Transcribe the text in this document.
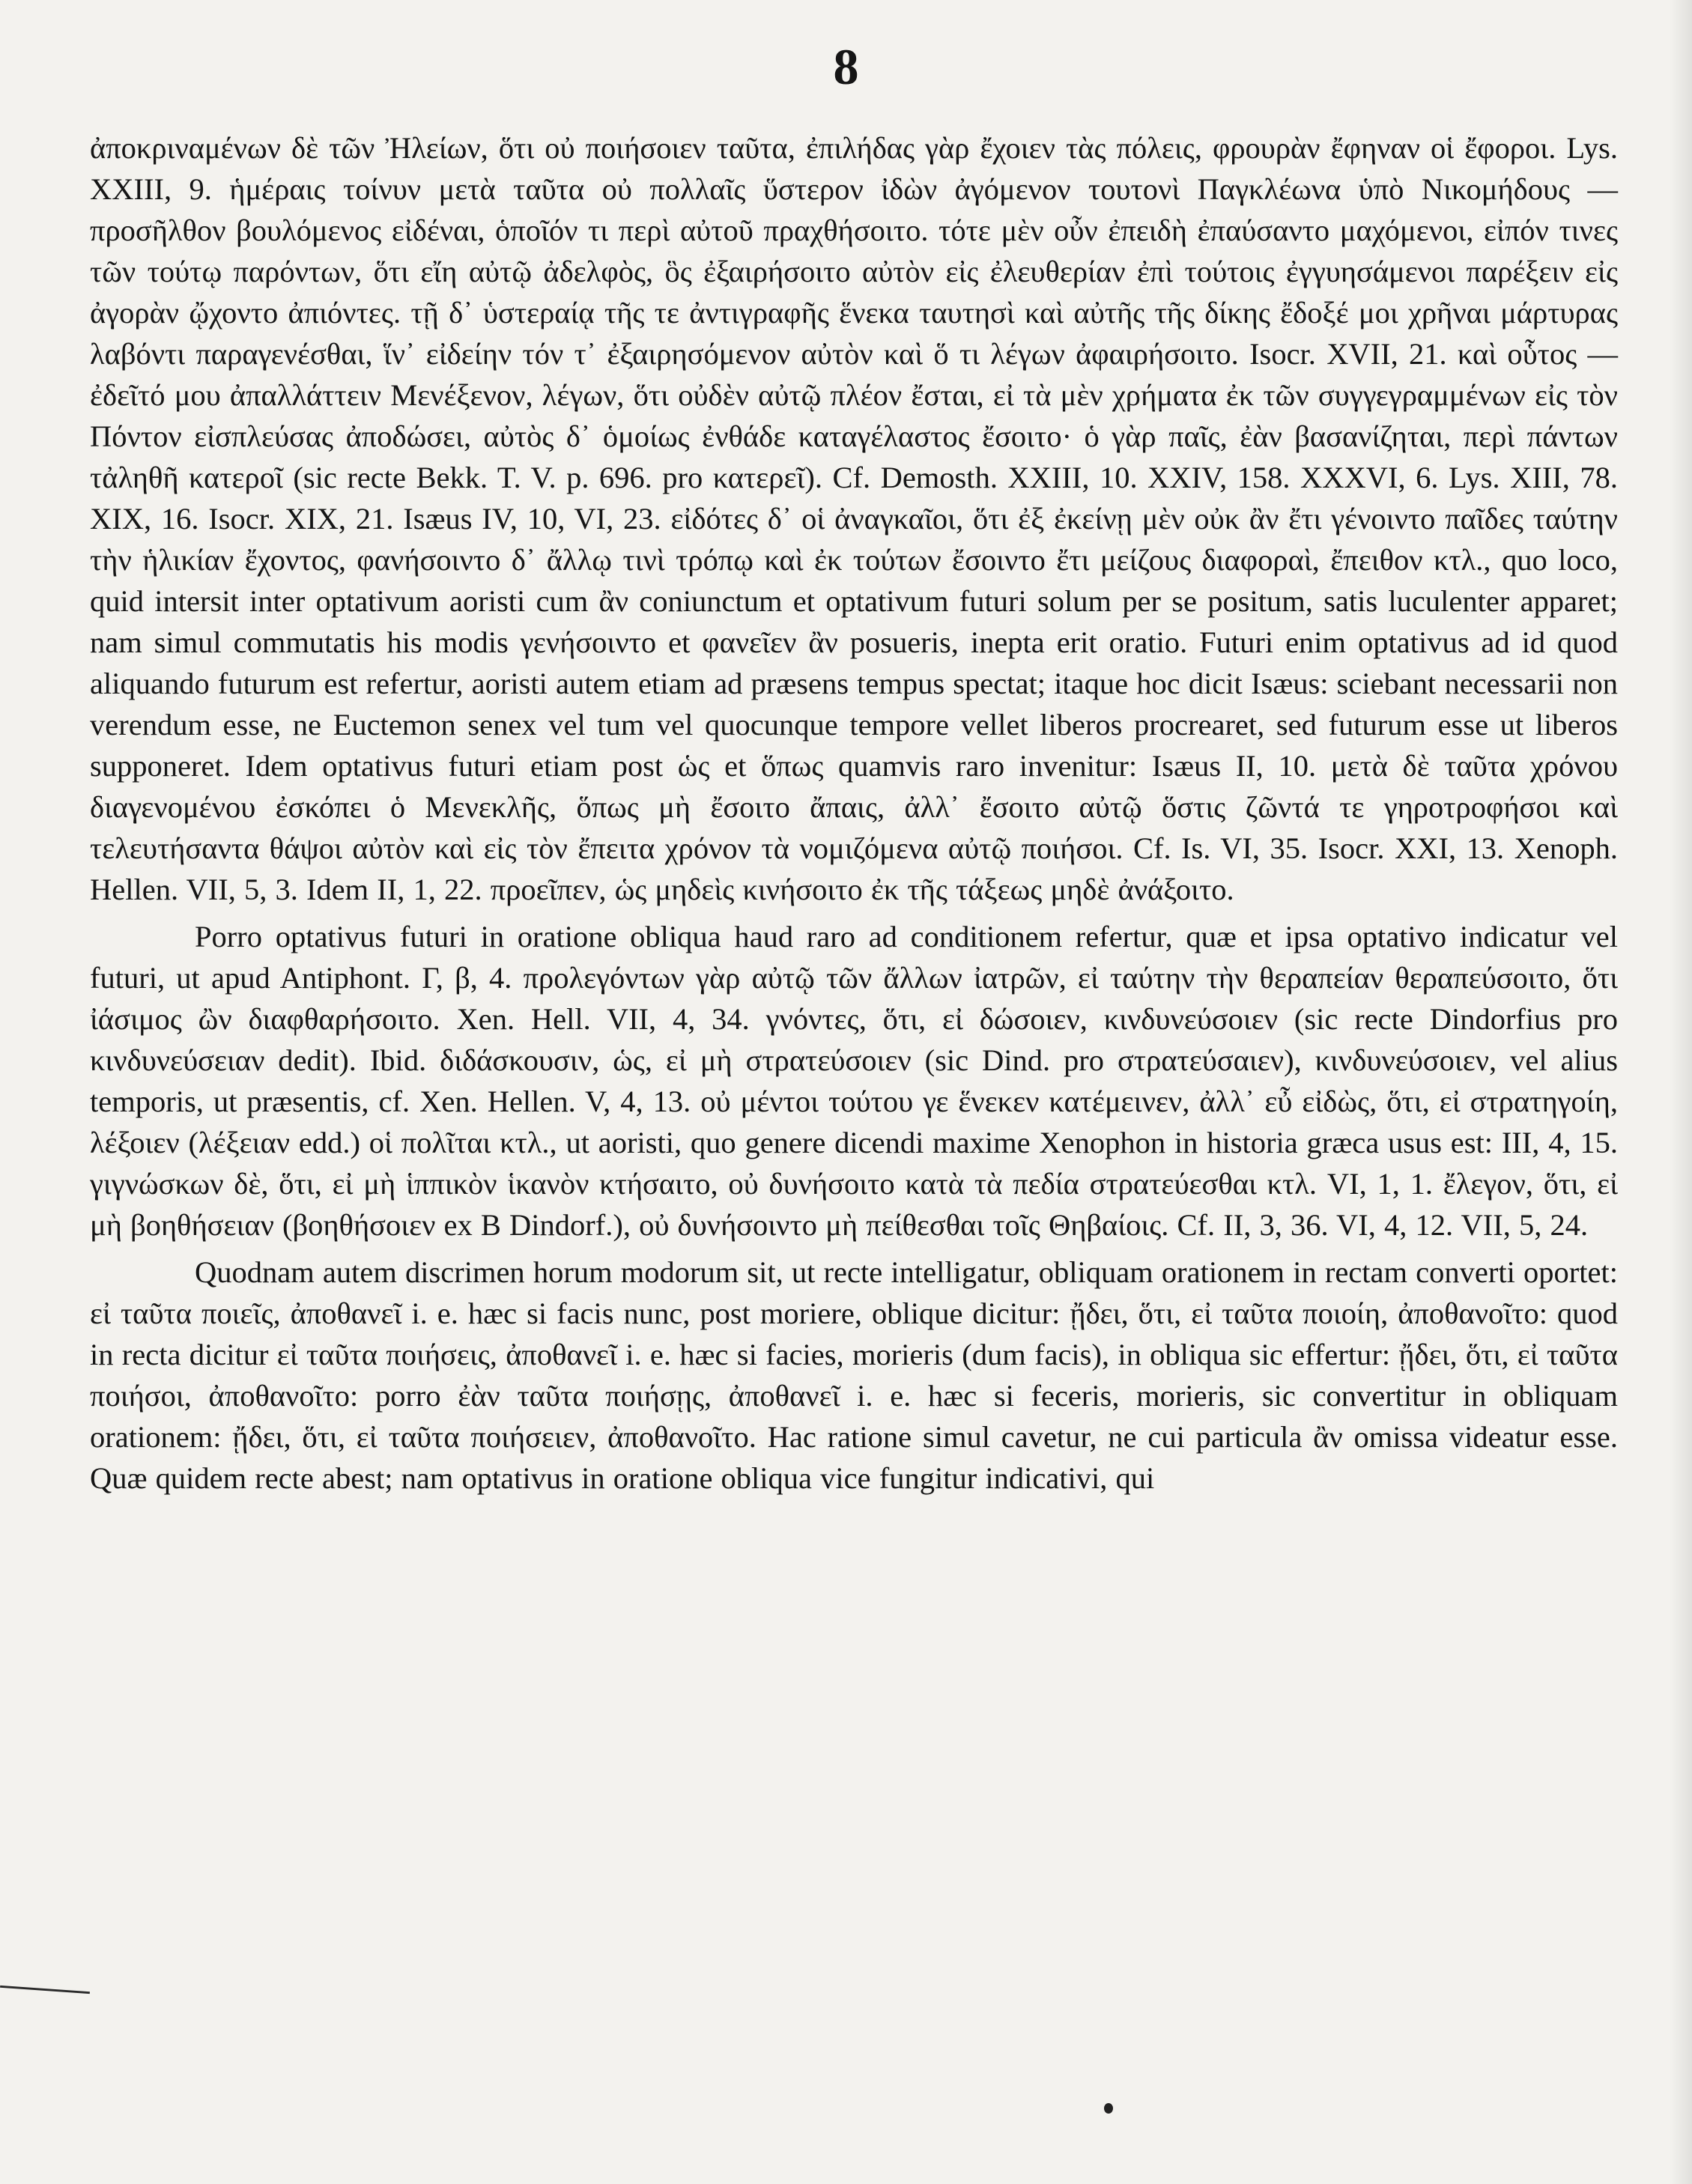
8

ἀποκριναμένων δὲ τῶν Ἠλείων, ὅτι οὐ ποιήσοιεν ταῦτα, ἐπιλήδας γὰρ ἔχοιεν τὰς πόλεις, φρουρὰν ἔφηναν οἱ ἔφοροι. Lys. XXIII, 9. ἡμέραις τοίνυν μετὰ ταῦτα οὐ πολλαῖς ὕστερον ἰδὼν ἀγόμενον τουτονὶ Παγκλέωνα ὑπὸ Νικομήδους — προσῆλθον βουλόμενος εἰδέναι, ὁποῖόν τι περὶ αὐτοῦ πραχθήσοιτο. τότε μὲν οὖν ἐπειδὴ ἐπαύσαντο μαχόμενοι, εἰπόν τινες τῶν τούτῳ παρόντων, ὅτι εἴη αὐτῷ ἀδελφὸς, ὃς ἐξαιρήσοιτο αὐτὸν εἰς ἐλευθερίαν ἐπὶ τούτοις ἐγγυησάμενοι παρέξειν εἰς ἀγορὰν ᾤχοντο ἀπιόντες. τῇ δ᾿ ὑστεραίᾳ τῆς τε ἀντιγραφῆς ἕνεκα ταυτησὶ καὶ αὐτῆς τῆς δίκης ἔδοξέ μοι χρῆναι μάρτυρας λαβόντι παραγενέσθαι, ἵν᾿ εἰδείην τόν τ᾿ ἐξαιρησόμενον αὐτὸν καὶ ὅ τι λέγων ἀφαιρήσοιτο. Isocr. XVII, 21. καὶ οὗτος — ἐδεῖτό μου ἀπαλλάττειν Μενέξενον, λέγων, ὅτι οὐδὲν αὐτῷ πλέον ἔσται, εἰ τὰ μὲν χρήματα ἐκ τῶν συγγεγραμμένων εἰς τὸν Πόντον εἰσπλεύσας ἀποδώσει, αὐτὸς δ᾿ ὁμοίως ἐνθάδε καταγέλαστος ἔσοιτο· ὁ γὰρ παῖς, ἐὰν βασανίζηται, περὶ πάντων τἀληθῆ κατεροῖ (sic recte Bekk. T. V. p. 696. pro κατερεῖ). Cf. Demosth. XXIII, 10. XXIV, 158. XXXVI, 6. Lys. XIII, 78. XIX, 16. Isocr. XIX, 21. Isæus IV, 10, VI, 23. εἰδότες δ᾿ οἱ ἀναγκαῖοι, ὅτι ἐξ ἐκείνῃ μὲν οὐκ ἂν ἔτι γένοιντο παῖδες ταύτην τὴν ἡλικίαν ἔχοντος, φανήσοιντο δ᾿ ἄλλῳ τινὶ τρόπῳ καὶ ἐκ τούτων ἔσοιντο ἔτι μείζους διαφοραὶ, ἔπειθον κτλ., quo loco, quid intersit inter optativum aoristi cum ἂν coniunctum et optativum futuri solum per se positum, satis luculenter apparet; nam simul commutatis his modis γενήσοιντο et φανεῖεν ἂν posueris, inepta erit oratio. Futuri enim optativus ad id quod aliquando futurum est refertur, aoristi autem etiam ad præsens tempus spectat; itaque hoc dicit Isæus: sciebant necessarii non verendum esse, ne Euctemon senex vel tum vel quocunque tempore vellet liberos procrearet, sed futurum esse ut liberos supponeret. Idem optativus futuri etiam post ὡς et ὅπως quamvis raro invenitur: Isæus II, 10. μετὰ δὲ ταῦτα χρόνου διαγενομένου ἐσκόπει ὁ Μενεκλῆς, ὅπως μὴ ἔσοιτο ἄπαις, ἀλλ᾿ ἔσοιτο αὐτῷ ὅστις ζῶντά τε γηροτροφήσοι καὶ τελευτήσαντα θάψοι αὐτὸν καὶ εἰς τὸν ἔπειτα χρόνον τὰ νομιζόμενα αὐτῷ ποιήσοι. Cf. Is. VI, 35. Isocr. XXI, 13. Xenoph. Hellen. VII, 5, 3. Idem II, 1, 22. προεῖπεν, ὡς μηδεὶς κινήσοιτο ἐκ τῆς τάξεως μηδὲ ἀνάξοιτο.

Porro optativus futuri in oratione obliqua haud raro ad conditionem refertur, quæ et ipsa optativo indicatur vel futuri, ut apud Antiphont. Γ, β, 4. προλεγόντων γὰρ αὐτῷ τῶν ἄλλων ἰατρῶν, εἰ ταύτην τὴν θεραπείαν θεραπεύσοιτο, ὅτι ἰάσιμος ὢν διαφθαρήσοιτο. Xen. Hell. VII, 4, 34. γνόντες, ὅτι, εἰ δώσοιεν, κινδυνεύσοιεν (sic recte Dindorfius pro κινδυνεύσειαν dedit). Ibid. διδάσκουσιν, ὡς, εἰ μὴ στρατεύσοιεν (sic Dind. pro στρατεύσαιεν), κινδυνεύσοιεν, vel alius temporis, ut præsentis, cf. Xen. Hellen. V, 4, 13. οὐ μέντοι τούτου γε ἕνεκεν κατέμεινεν, ἀλλ᾿ εὖ εἰδὼς, ὅτι, εἰ στρατηγοίη, λέξοιεν (λέξειαν edd.) οἱ πολῖται κτλ., ut aoristi, quo genere dicendi maxime Xenophon in historia græca usus est: III, 4, 15. γιγνώσκων δὲ, ὅτι, εἰ μὴ ἱππικὸν ἱκανὸν κτήσαιτο, οὐ δυνήσοιτο κατὰ τὰ πεδία στρατεύεσθαι κτλ. VI, 1, 1. ἔλεγον, ὅτι, εἰ μὴ βοηθήσειαν (βοηθήσοιεν ex B Dindorf.), οὐ δυνήσοιντο μὴ πείθεσθαι τοῖς Θηβαίοις. Cf. II, 3, 36. VI, 4, 12. VII, 5, 24.

Quodnam autem discrimen horum modorum sit, ut recte intelligatur, obliquam orationem in rectam converti oportet: εἰ ταῦτα ποιεῖς, ἀποθανεῖ i. e. hæc si facis nunc, post moriere, oblique dicitur: ᾔδει, ὅτι, εἰ ταῦτα ποιοίη, ἀποθανοῖτο: quod in recta dicitur εἰ ταῦτα ποιήσεις, ἀποθανεῖ i. e. hæc si facies, morieris (dum facis), in obliqua sic effertur: ᾔδει, ὅτι, εἰ ταῦτα ποιήσοι, ἀποθανοῖτο: porro ἐὰν ταῦτα ποιήσῃς, ἀποθανεῖ i. e. hæc si feceris, morieris, sic convertitur in obliquam orationem: ᾔδει, ὅτι, εἰ ταῦτα ποιήσειεν, ἀποθανοῖτο. Hac ratione simul cavetur, ne cui particula ἂν omissa videatur esse. Quæ quidem recte abest; nam optativus in oratione obliqua vice fungitur indicativi, qui
